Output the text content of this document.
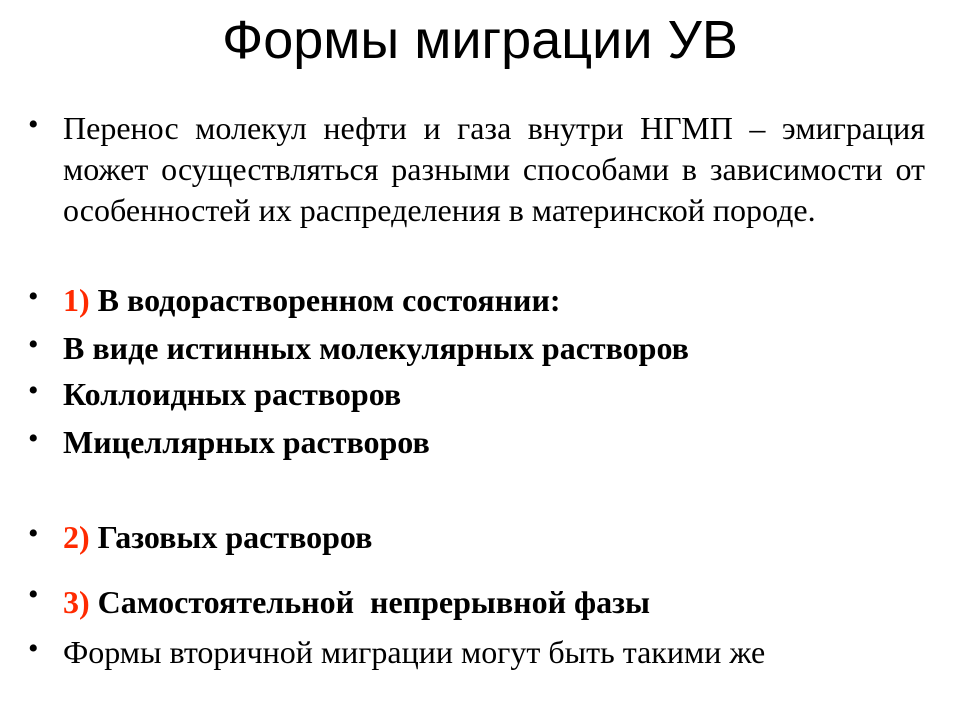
Формы миграции УВ
• Перенос молекул нефти и газа внутри НГМП – эмиграция может осуществляться разными способами в зависимости от особенностей их распределения в материнской породе.
• 1) В водорастворенном состоянии:
• В виде истинных молекулярных растворов
• Коллоидных растворов
• Мицеллярных растворов
• 2) Газовых растворов
• 3) Самостоятельной  непрерывной фазы
• Формы вторичной миграции могут быть такими же
